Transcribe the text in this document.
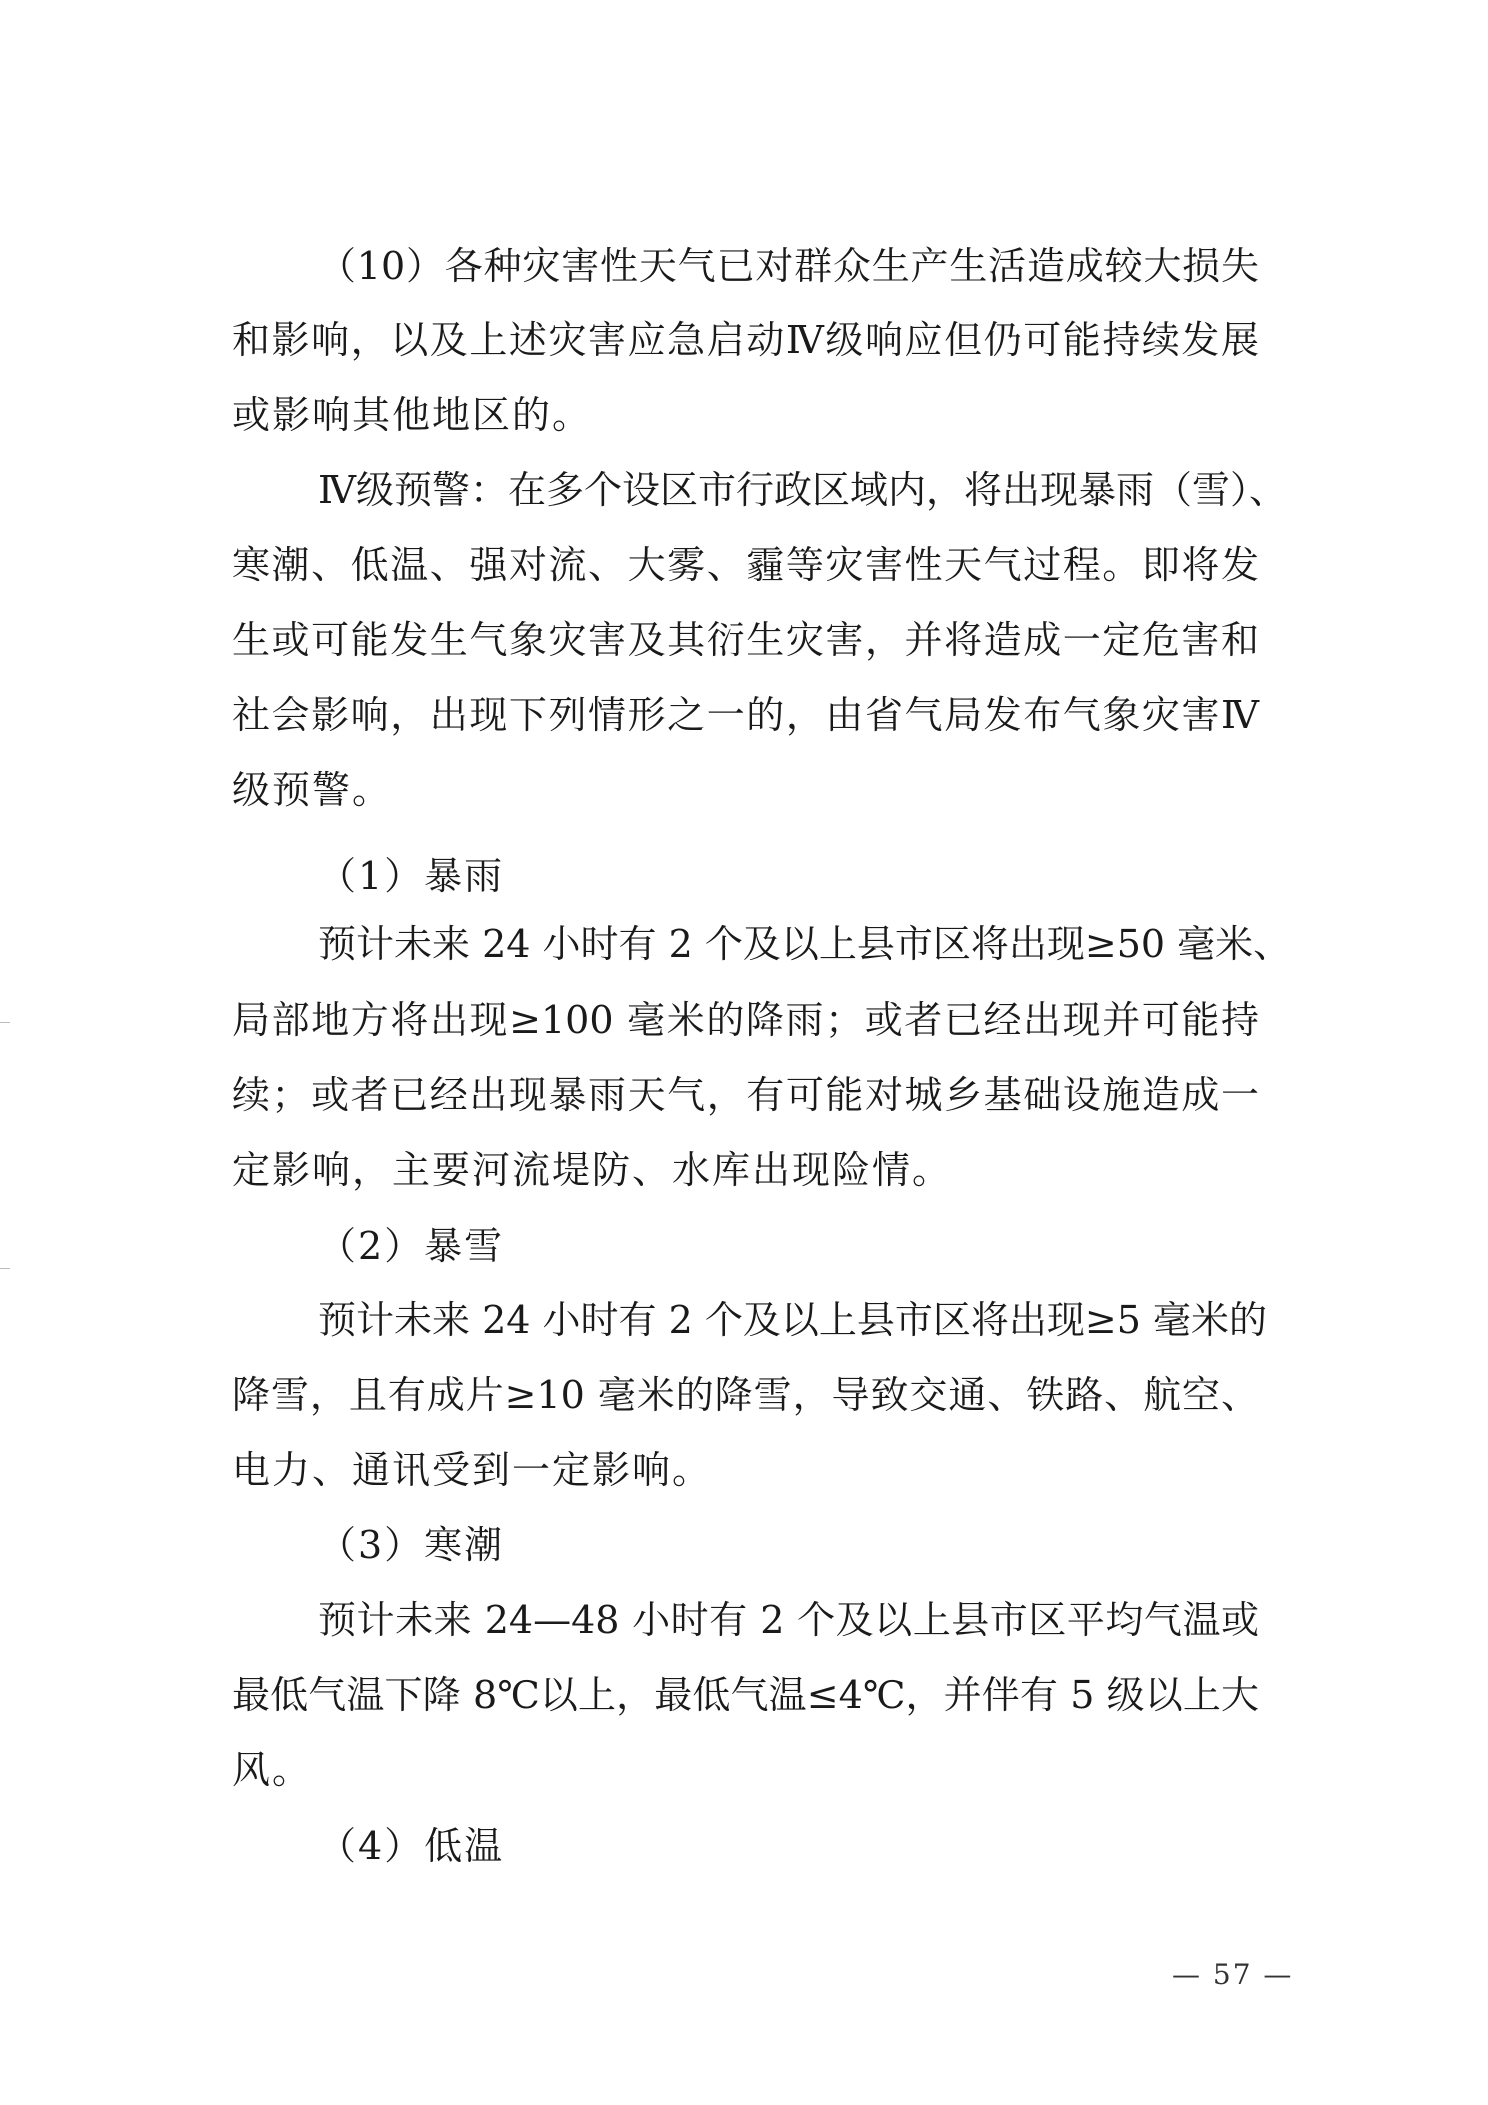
（10）各种灾害性天气已对群众生产生活造成较大损失
和影响，以及上述灾害应急启动Ⅳ级响应但仍可能持续发展
或影响其他地区的。
Ⅳ级预警：在多个设区市行政区域内，将出现暴雨（雪）、
寒潮、低温、强对流、大雾、霾等灾害性天气过程。即将发
生或可能发生气象灾害及其衍生灾害，并将造成一定危害和
社会影响，出现下列情形之一的，由省气局发布气象灾害Ⅳ
级预警。
（1）暴雨
预计未来 24 小时有 2 个及以上县市区将出现≥50 毫米、
局部地方将出现≥100 毫米的降雨；或者已经出现并可能持
续；或者已经出现暴雨天气，有可能对城乡基础设施造成一
定影响，主要河流堤防、水库出现险情。
（2）暴雪
预计未来 24 小时有 2 个及以上县市区将出现≥5 毫米的
降雪，且有成片≥10 毫米的降雪，导致交通、铁路、航空、
电力、通讯受到一定影响。
（3）寒潮
预计未来 24—48 小时有 2 个及以上县市区平均气温或
最低气温下降 8℃以上，最低气温≤4℃，并伴有 5 级以上大
风。
（4）低温
— 57 —
